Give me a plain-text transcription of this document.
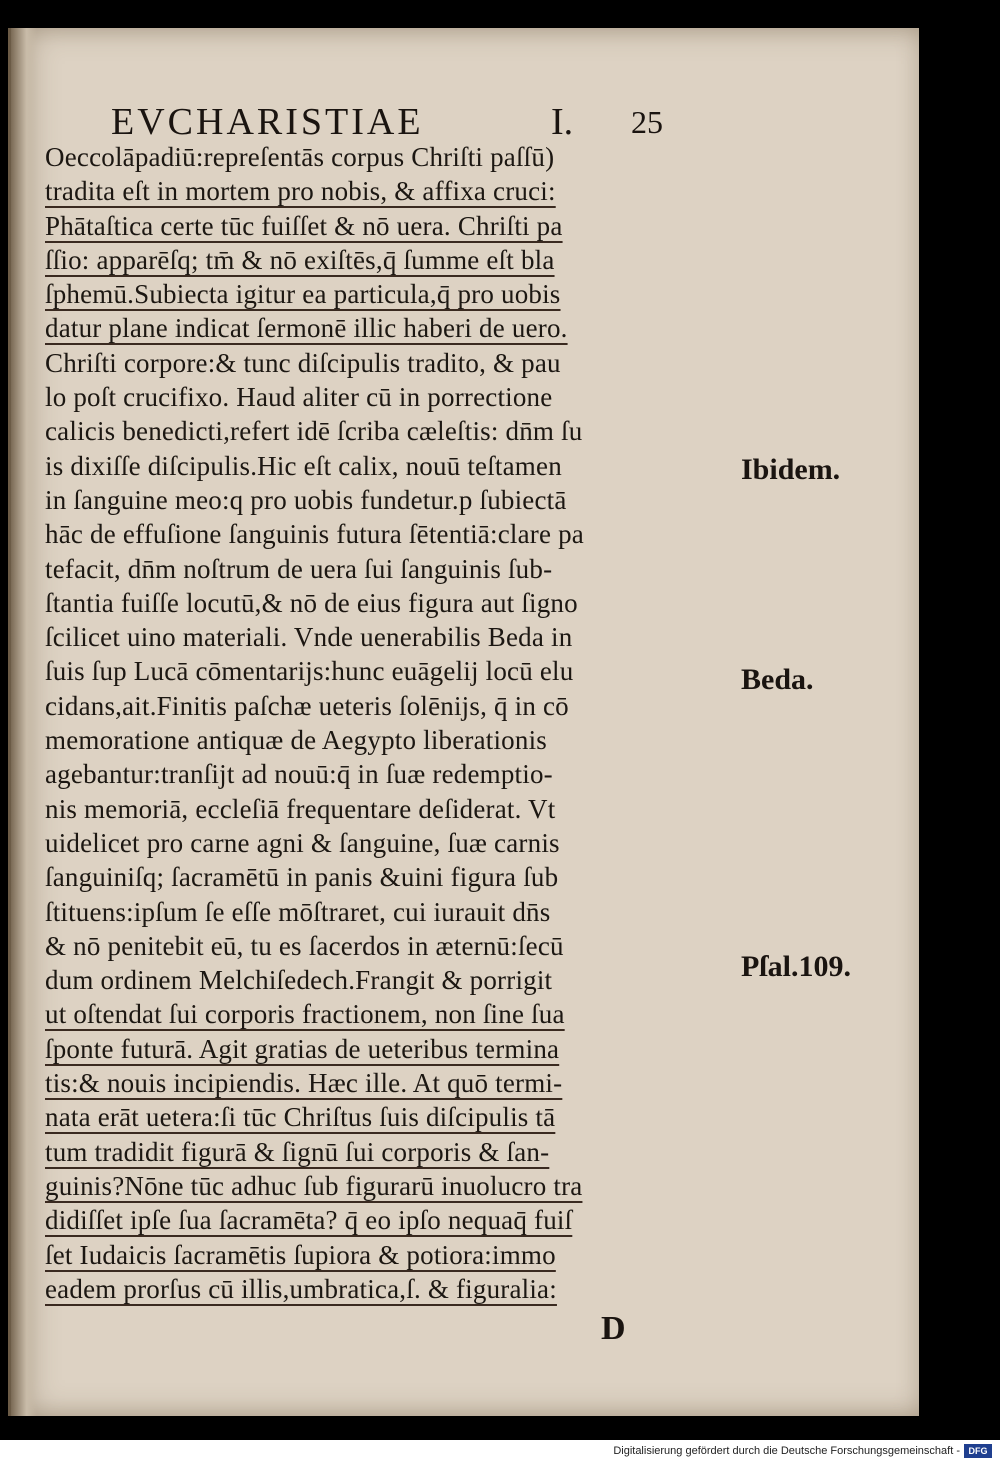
EVCHARISTIAE	I. 25
Oeccolāpadiū:repreſentās corpus Chriſti paſſū)
tradita eſt in mortem pro nobis, & affixa cruci:
Phātaſtica certe tūc fuiſſet & nō uera. Chriſti pa
ſſio: apparēſq; tm̄ & nō exiſtēs,q̄ ſumme eſt bla
ſphemū.Subiecta igitur ea particula,q̄ pro uobis
datur plane indicat ſermonē illic haberi de uero.
Chriſti corpore:& tunc diſcipulis tradito, & pau
lo poſt crucifixo. Haud aliter cū in porrectione
calicis benedicti,refert idē ſcriba cæleſtis: dn̄m ſu
is dixiſſe diſcipulis.Hic eſt calix, nouū teſtamen
in ſanguine meo:q pro uobis fundetur.p ſubiectā
hāc de effuſione ſanguinis futura ſētentiā:clare pa
tefacit, dn̄m noſtrum de uera ſui ſanguinis ſub-
ſtantia fuiſſe locutū,& nō de eius figura aut ſigno
ſcilicet uino materiali. Vnde uenerabilis Beda in
ſuis ſup Lucā cōmentarijs:hunc euāgelij locū elu
cidans,ait.Finitis paſchæ ueteris ſolēnijs, q̄ in cō
memoratione antiquæ de Aegypto liberationis
agebantur:tranſijt ad nouū:q̄ in ſuæ redemptio-
nis memoriā, eccleſiā frequentare deſiderat. Vt
uidelicet pro carne agni & ſanguine, ſuæ carnis
ſanguiniſq; ſacramētū in panis &uini figura ſub
ſtituens:ipſum ſe eſſe mōſtraret, cui iurauit dn̄s
& nō penitebit eū, tu es ſacerdos in æternū:ſecū
dum ordinem Melchiſedech.Frangit & porrigit
ut oſtendat ſui corporis fractionem, non ſine ſua
ſponte futurā. Agit gratias de ueteribus termina
tis:& nouis incipiendis. Hæc ille. At quō termi-
nata erāt uetera:ſi tūc Chriſtus ſuis diſcipulis tā
tum tradidit figurā & ſignū ſui corporis & ſan-
guinis?Nōne tūc adhuc ſub figurarū inuolucro tra
didiſſet ipſe ſua ſacramēta? q̄ eo ipſo nequaq̄ fuiſ
ſet Iudaicis ſacramētis ſupiora & potiora:immo
eadem prorſus cū illis,umbratica,ſ. & figuralia:
Ibidem.
Beda.
Pſal.109.
D
Digitalisierung gefördert durch die Deutsche Forschungsgemeinschaft - DFG
